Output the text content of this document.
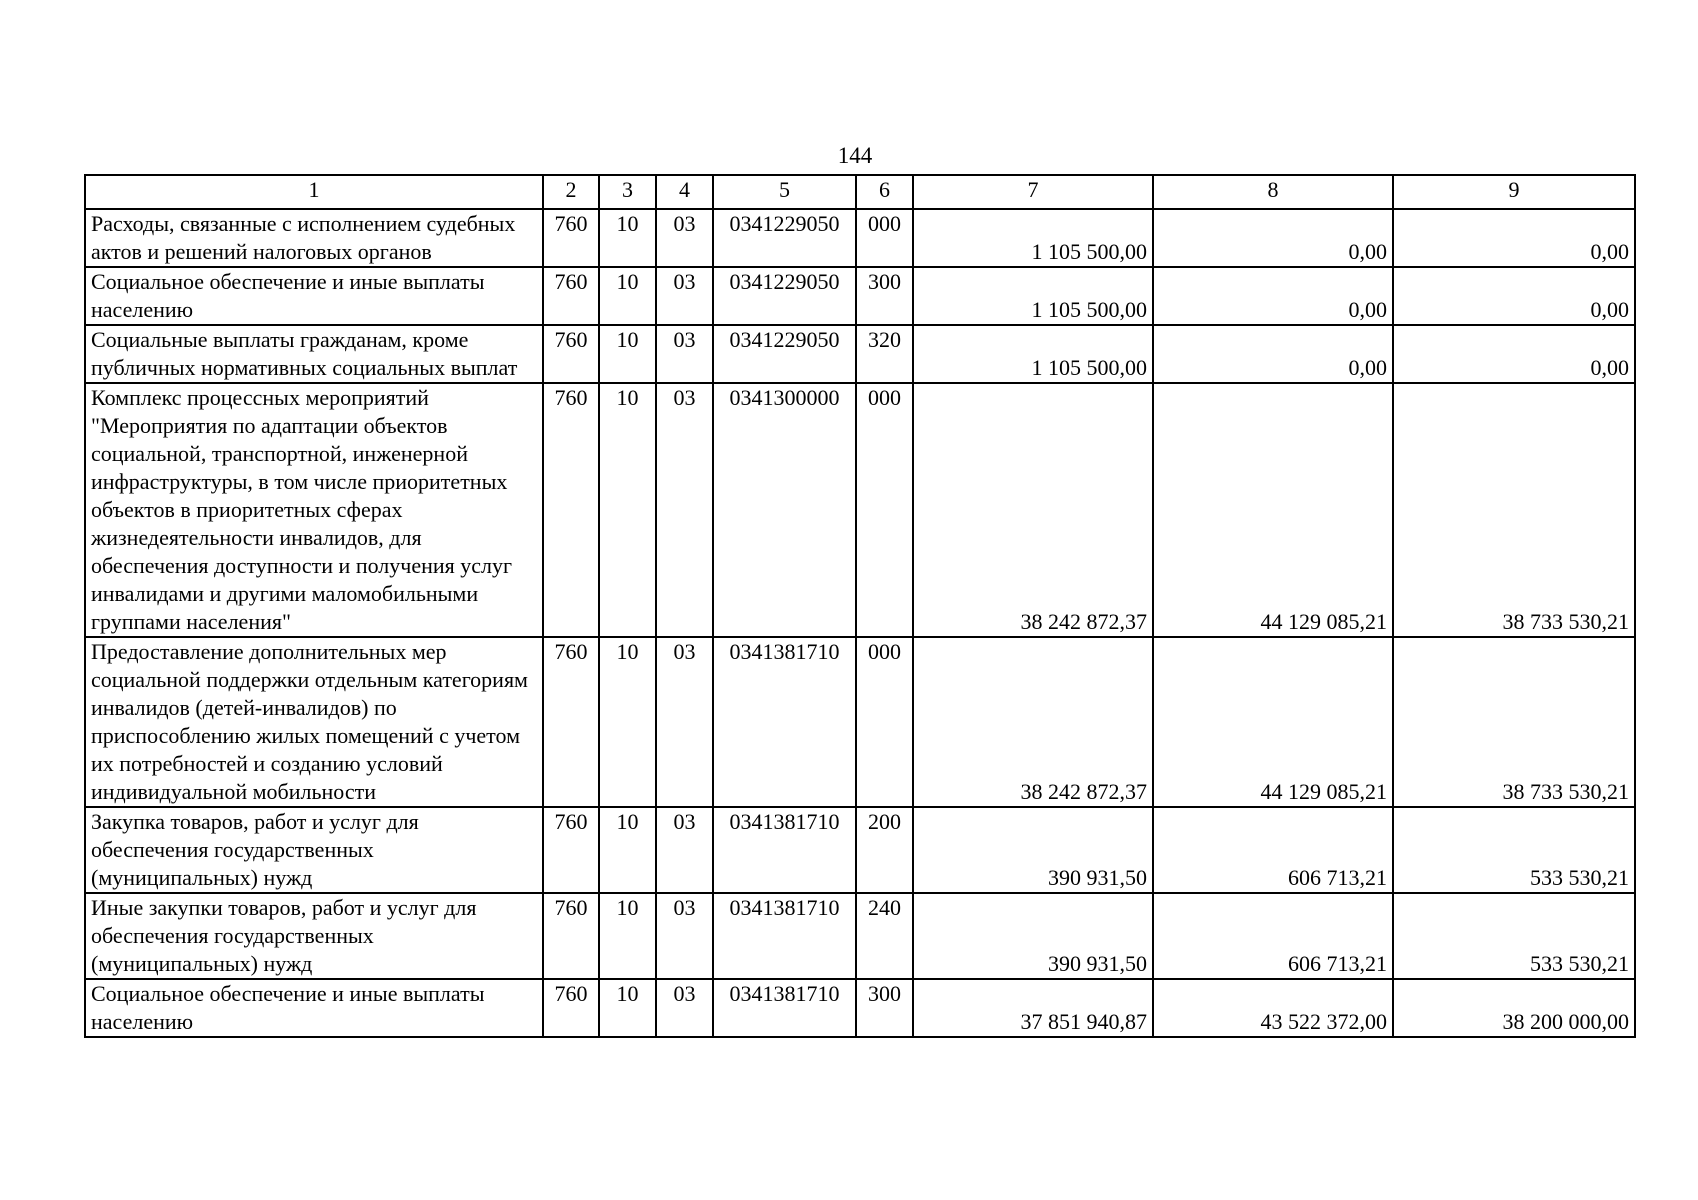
144
1	2	3	4	5	6	7	8	9
Расходы, связанные с исполнением судебных актов и решений налоговых органов	760	10	03	0341229050	000	1 105 500,00	0,00	0,00
Социальное обеспечение и иные выплаты населению	760	10	03	0341229050	300	1 105 500,00	0,00	0,00
Социальные выплаты гражданам, кроме публичных нормативных социальных выплат	760	10	03	0341229050	320	1 105 500,00	0,00	0,00
Комплекс процессных мероприятий "Мероприятия по адаптации объектов социальной, транспортной, инженерной инфраструктуры, в том числе приоритетных объектов в приоритетных сферах жизнедеятельности инвалидов, для обеспечения доступности и получения услуг инвалидами и другими маломобильными группами населения"	760	10	03	0341300000	000	38 242 872,37	44 129 085,21	38 733 530,21
Предоставление дополнительных мер социальной поддержки отдельным категориям инвалидов (детей-инвалидов) по приспособлению жилых помещений с учетом их потребностей и созданию условий индивидуальной мобильности	760	10	03	0341381710	000	38 242 872,37	44 129 085,21	38 733 530,21
Закупка товаров, работ и услуг для обеспечения государственных (муниципальных) нужд	760	10	03	0341381710	200	390 931,50	606 713,21	533 530,21
Иные закупки товаров, работ и услуг для обеспечения государственных (муниципальных) нужд	760	10	03	0341381710	240	390 931,50	606 713,21	533 530,21
Социальное обеспечение и иные выплаты населению	760	10	03	0341381710	300	37 851 940,87	43 522 372,00	38 200 000,00
